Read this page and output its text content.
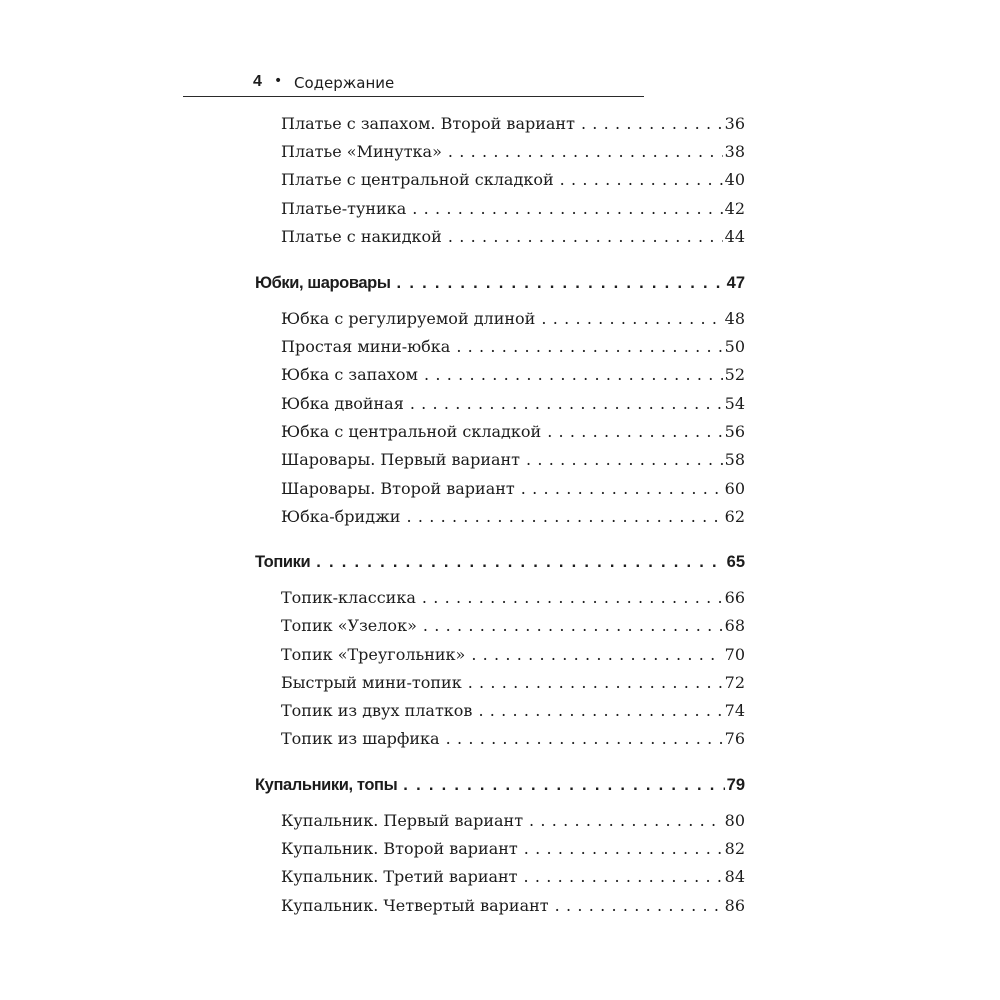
4 • Содержание
Платье с запахом. Второй вариант . . .	36
Платье «Минутка» . . .	38
Платье с центральной складкой . . .	40
Платье-туника . . .	42
Платье с накидкой . . .	44
Юбки, шаровары . . .	47
Юбка с регулируемой длиной . . .	48
Простая мини-юбка . . .	50
Юбка с запахом . . .	52
Юбка двойная . . .	54
Юбка с центральной складкой . . .	56
Шаровары. Первый вариант . . .	58
Шаровары. Второй вариант . . .	60
Юбка-бриджи . . .	62
Топики . . .	65
Топик-классика . . .	66
Топик «Узелок» . . .	68
Топик «Треугольник» . . .	70
Быстрый мини-топик . . .	72
Топик из двух платков . . .	74
Топик из шарфика . . .	76
Купальники, топы . . .	79
Купальник. Первый вариант . . .	80
Купальник. Второй вариант . . .	82
Купальник. Третий вариант . . .	84
Купальник. Четвертый вариант . . .	86
